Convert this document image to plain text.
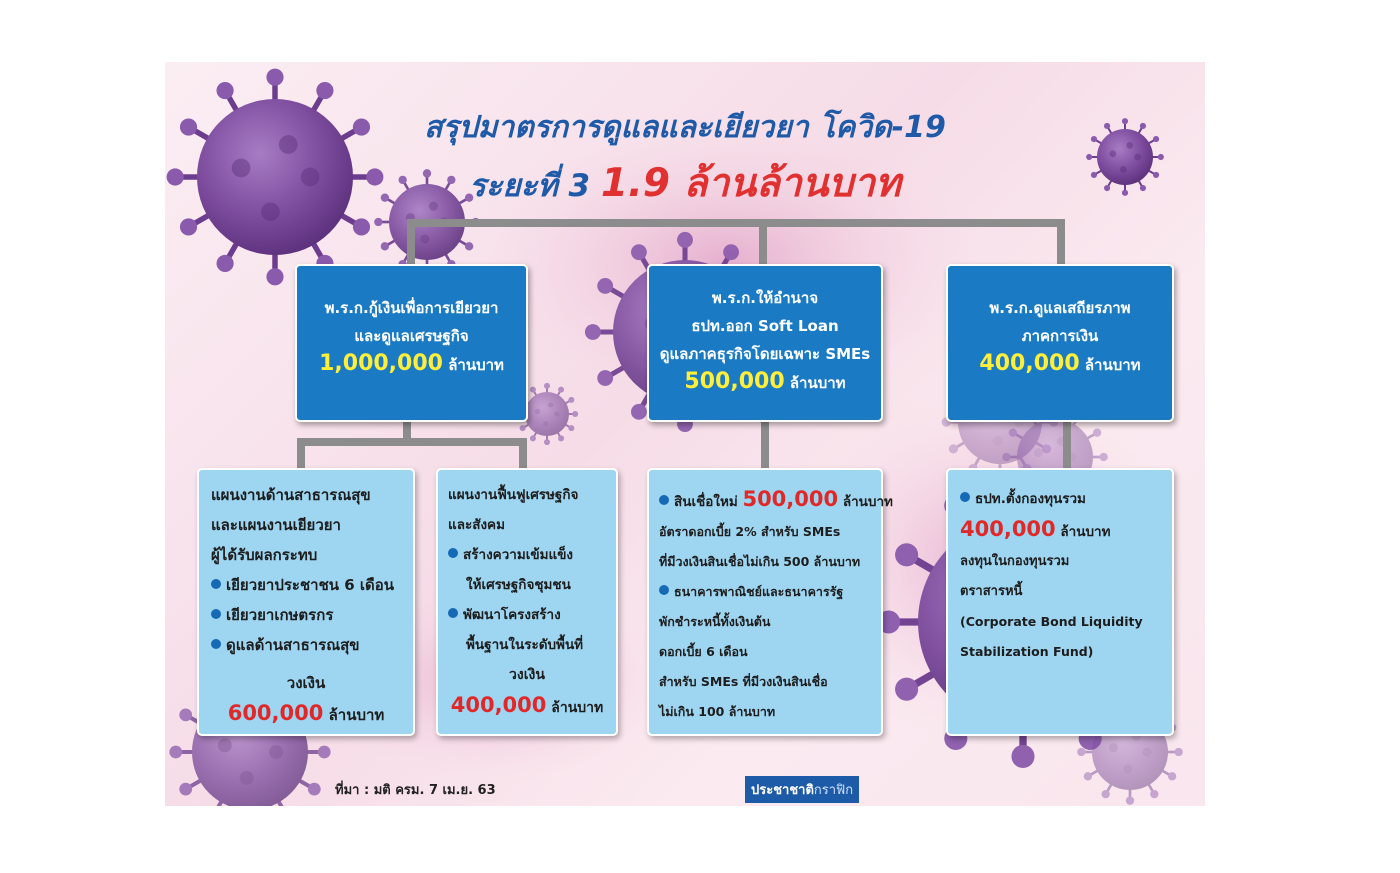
สรุปมาตรการดูแลและเยียวยา โควิด-19
ระยะที่ 3 1.9 ล้านล้านบาท
พ.ร.ก.กู้เงินเพื่อการเยียวยา
และดูแลเศรษฐกิจ
1,000,000 ล้านบาท
พ.ร.ก.ให้อำนาจ
ธปท.ออก Soft Loan
ดูแลภาคธุรกิจโดยเฉพาะ SMEs
500,000 ล้านบาท
พ.ร.ก.ดูแลเสถียรภาพ
ภาคการเงิน
400,000 ล้านบาท
แผนงานด้านสาธารณสุข
และแผนงานเยียวยา
ผู้ได้รับผลกระทบ
เยียวยาประชาชน 6 เดือน
เยียวยาเกษตรกร
ดูแลด้านสาธารณสุข
วงเงิน
600,000 ล้านบาท
แผนงานฟื้นฟูเศรษฐกิจ
และสังคม
สร้างความเข้มแข็ง
ให้เศรษฐกิจชุมชน
พัฒนาโครงสร้าง
พื้นฐานในระดับพื้นที่
วงเงิน
400,000 ล้านบาท
สินเชื่อใหม่ 500,000 ล้านบาท
อัตราดอกเบี้ย 2% สำหรับ SMEs
ที่มีวงเงินสินเชื่อไม่เกิน 500 ล้านบาท
ธนาคารพาณิชย์และธนาคารรัฐ
พักชำระหนี้ทั้งเงินต้น
ดอกเบี้ย 6 เดือน
สำหรับ SMEs ที่มีวงเงินสินเชื่อ
ไม่เกิน 100 ล้านบาท
ธปท.ตั้งกองทุนรวม
400,000 ล้านบาท
ลงทุนในกองทุนรวม
ตราสารหนี้
(Corporate Bond Liquidity
Stabilization Fund)
ที่มา : มติ ครม. 7 เม.ย. 63	ประชาชาติกราฟิก
